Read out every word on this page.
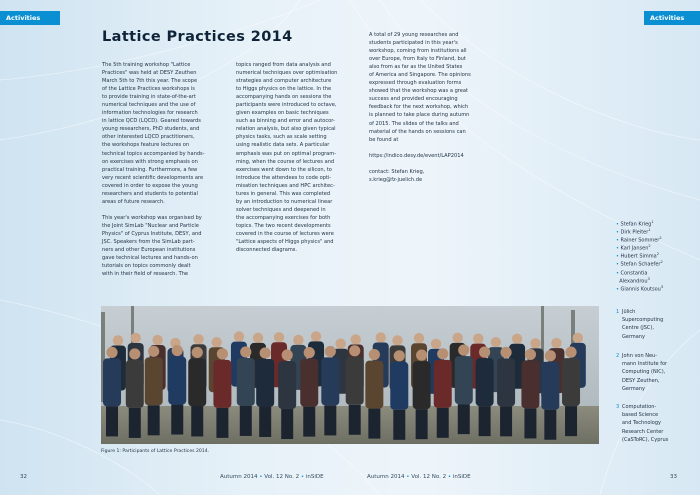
Activities	Activities
Lattice Practices 2014
The 5th training workshop "Lattice
Practices" was held at DESY Zeuthen
March 5th to 7th this year. The scope
of the Lattice Practices workshops is
to provide training in state-of-the-art
numerical techniques and the use of
information technologies for research
in lattice QCD (LQCD). Geared towards
young researchers, PhD students, and
other interested LQCD practitioners,
the workshops feature lectures on
technical topics accompanied by hands-
on exercises with strong emphasis on
practical training. Furthermore, a few
very recent scientific developments are
covered in order to expose the young
researchers and students to potential
areas of future research.
This year's workshop was organised by
the Joint SimLab "Nuclear and Particle
Physics" of Cyprus Institute, DESY, and
JSC. Speakers from the SimLab part-
ners and other European institutions
gave technical lectures and hands-on
tutorials on topics commonly dealt
with in their field of research. The
topics ranged from data analysis and
numerical techniques over optimisation
strategies and computer architecture
to Higgs physics on the lattice. In the
accompanying hands on sessions the
participants were introduced to octave,
given examples on basic techniques
such as binning and error and autocor-
relation analysis, but also given typical
physics tasks, such as scale setting
using realistic data sets. A particular
emphasis was put on optimal program-
ming, when the course of lectures and
exercises went down to the silicon, to
introduce the attendees to code opti-
misation techniques and HPC architec-
tures in general. This was completed
by an introduction to numerical linear
solver techniques and deepened in
the accompanying exercises for both
topics. The two recent developments
covered in the course of lectures were
"Lattice aspects of Higgs physics" and
disconnected diagrams.
A total of 29 young researches and
students participated in this year's
workshop, coming from institutions all
over Europe, from Italy to Finland, but
also from as far as the United States
of America and Singapore. The opinions
expressed through evaluation forms
showed that the workshop was a great
success and provided encouraging
feedback for the next workshop, which
is planned to take place during autumn
of 2015. The slides of the talks and
material of the hands on sessions can
be found at
https://indico.desy.de/event/LAP2014
contact: Stefan Krieg,
s.krieg@fz-juelich.de
Figure 1: Participants of Lattice Practices 2014.
• Stefan Krieg$^1$
• Dirk Pleiter$^1$
• Rainer Sommer$^2$
• Karl Jansen$^2$
• Hubert Simma$^2$
• Stefan Schaefer$^2$
• Constantia
Alexandrou$^3$
• Giannis Koutsou$^3$
1 Jülich
Supercomputing
Centre (JSC),
Germany
2 John von Neu-
mann Institute for
Computing (NIC),
DESY Zeuthen,
Germany
3 Computation-
based Science
and Technology
Research Center
(CaSToRC), Cyprus
32	Autumn 2014 • Vol. 12 No. 2 • inSiDE	Autumn 2014 • Vol. 12 No. 2 • inSiDE	33
